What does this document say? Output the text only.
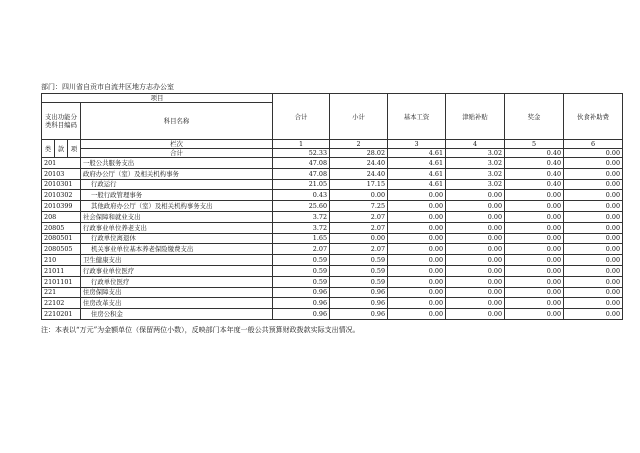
部门：四川省自贡市自流井区地方志办公室
项目				合计	小计	基本工资	津贴补贴	奖金	伙食补助费
支出功能分类科目编码			科目名称						
类	款	项	栏次	1	2	3	4	5	6
			合计	52.33	28.02	4.61	3.02	0.40	0.00
201			一般公共服务支出	47.08	24.40	4.61	3.02	0.40	0.00
20103			政府办公厅（室）及相关机构事务	47.08	24.40	4.61	3.02	0.40	0.00
2010301			行政运行	21.05	17.15	4.61	3.02	0.40	0.00
2010302			一般行政管理事务	0.43	0.00	0.00	0.00	0.00	0.00
2010399			其他政府办公厅（室）及相关机构事务支出	25.60	7.25	0.00	0.00	0.00	0.00
208			社会保障和就业支出	3.72	2.07	0.00	0.00	0.00	0.00
20805			行政事业单位养老支出	3.72	2.07	0.00	0.00	0.00	0.00
2080501			行政单位离退休	1.65	0.00	0.00	0.00	0.00	0.00
2080505			机关事业单位基本养老保险缴费支出	2.07	2.07	0.00	0.00	0.00	0.00
210			卫生健康支出	0.59	0.59	0.00	0.00	0.00	0.00
21011			行政事业单位医疗	0.59	0.59	0.00	0.00	0.00	0.00
2101101			行政单位医疗	0.59	0.59	0.00	0.00	0.00	0.00
221			住房保障支出	0.96	0.96	0.00	0.00	0.00	0.00
22102			住房改革支出	0.96	0.96	0.00	0.00	0.00	0.00
2210201			住房公积金	0.96	0.96	0.00	0.00	0.00	0.00
注：本表以“万元”为金额单位（保留两位小数），反映部门本年度一般公共预算财政拨款实际支出情况。
